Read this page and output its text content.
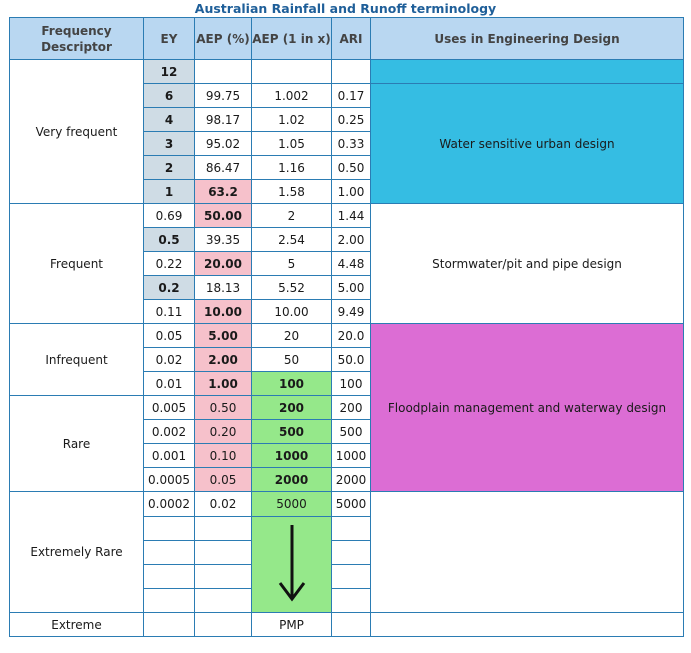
Australian Rainfall and Runoff terminology
Frequency Descriptor	EY	AEP (%)	AEP (1 in x)	ARI	Uses in Engineering Design	
Very frequent	12					
	6	99.75	1.002	0.17	Water sensitive urban design	
	4	98.17	1.02	0.25		
	3	95.02	1.05	0.33		
	2	86.47	1.16	0.50		
	1	63.2	1.58	1.00		
Frequent	0.69	50.00	2	1.44	Stormwater/pit and pipe design	
	0.5	39.35	2.54	2.00		
	0.22	20.00	5	4.48		
	0.2	18.13	5.52	5.00		
	0.11	10.00	10.00	9.49		
Infrequent	0.05	5.00	20	20.0	Floodplain management and waterway design	
	0.02	2.00	50	50.0		
	0.01	1.00	100	100		
Rare	0.005	0.50	200	200		
	0.002	0.20	500	500		
	0.001	0.10	1000	1000		
	0.0005	0.05	2000	2000	

Extremely Rare	0.0002	0.02	5000	5000		

Extreme			PMP			
